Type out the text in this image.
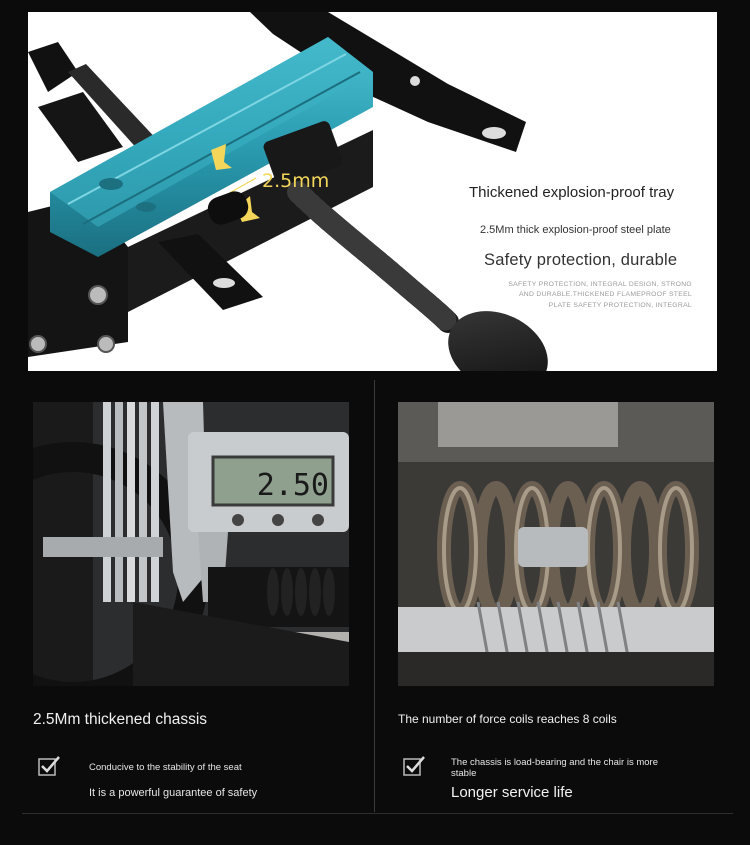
2.5mm
Thickened explosion-proof tray
2.5Mm thick explosion-proof steel plate
Safety protection, durable
SAFETY PROTECTION, INTEGRAL DESIGN, STRONG AND DURABLE.THICKENED FLAMEPROOF STEEL PLATE SAFETY PROTECTION, INTEGRAL
2.50
2.5Mm thickened chassis
Conducive to the stability of the seat
It is a powerful guarantee of safety
The number of force coils reaches 8 coils
The chassis is load-bearing and the chair is more stable
Longer service life
